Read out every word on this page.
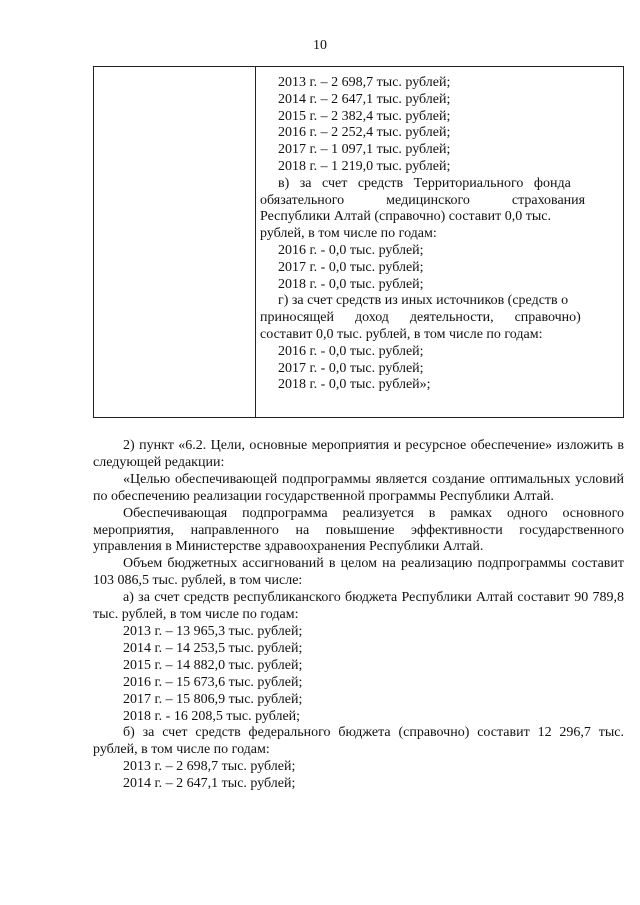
10
2013 г. – 2 698,7 тыс. рублей;
2014 г. – 2 647,1 тыс. рублей;
2015 г. – 2 382,4 тыс. рублей;
2016 г. – 2 252,4 тыс. рублей;
2017 г. – 1 097,1 тыс. рублей;
2018 г. – 1 219,0 тыс. рублей;
в)   за   счет   средств   Территориального   фонда
обязательного            медицинского            страхования
Республики Алтай (справочно) составит 0,0 тыс.
рублей, в том числе по годам:
2016 г. - 0,0 тыс. рублей;
2017 г. - 0,0 тыс. рублей;
2018 г. - 0,0 тыс. рублей;
г) за счет средств из иных источников (средств о
приносящей      доход      деятельности,      справочно)
составит 0,0 тыс. рублей, в том числе по годам:
2016 г. - 0,0 тыс. рублей;
2017 г. - 0,0 тыс. рублей;
2018 г. - 0,0 тыс. рублей»;
2) пункт «6.2. Цели, основные мероприятия и ресурсное обеспечение» изложить в следующей редакции:
«Целью обеспечивающей подпрограммы является создание оптимальных условий по обеспечению реализации государственной программы Республики Алтай.
Обеспечивающая подпрограмма реализуется в рамках одного основного мероприятия, направленного на повышение эффективности государственного управления в Министерстве здравоохранения Республики Алтай.
Объем бюджетных ассигнований в целом на реализацию подпрограммы составит 103 086,5 тыс. рублей, в том числе:
а) за счет средств республиканского бюджета Республики Алтай составит 90 789,8 тыс. рублей, в том числе по годам:
2013 г. – 13 965,3 тыс. рублей;
2014 г. – 14 253,5 тыс. рублей;
2015 г. – 14 882,0 тыс. рублей;
2016 г. – 15 673,6 тыс. рублей;
2017 г. – 15 806,9 тыс. рублей;
2018 г. - 16 208,5 тыс. рублей;
б) за счет средств федерального бюджета (справочно) составит 12 296,7 тыс. рублей, в том числе по годам:
2013 г. – 2 698,7 тыс. рублей;
2014 г. – 2 647,1 тыс. рублей;
